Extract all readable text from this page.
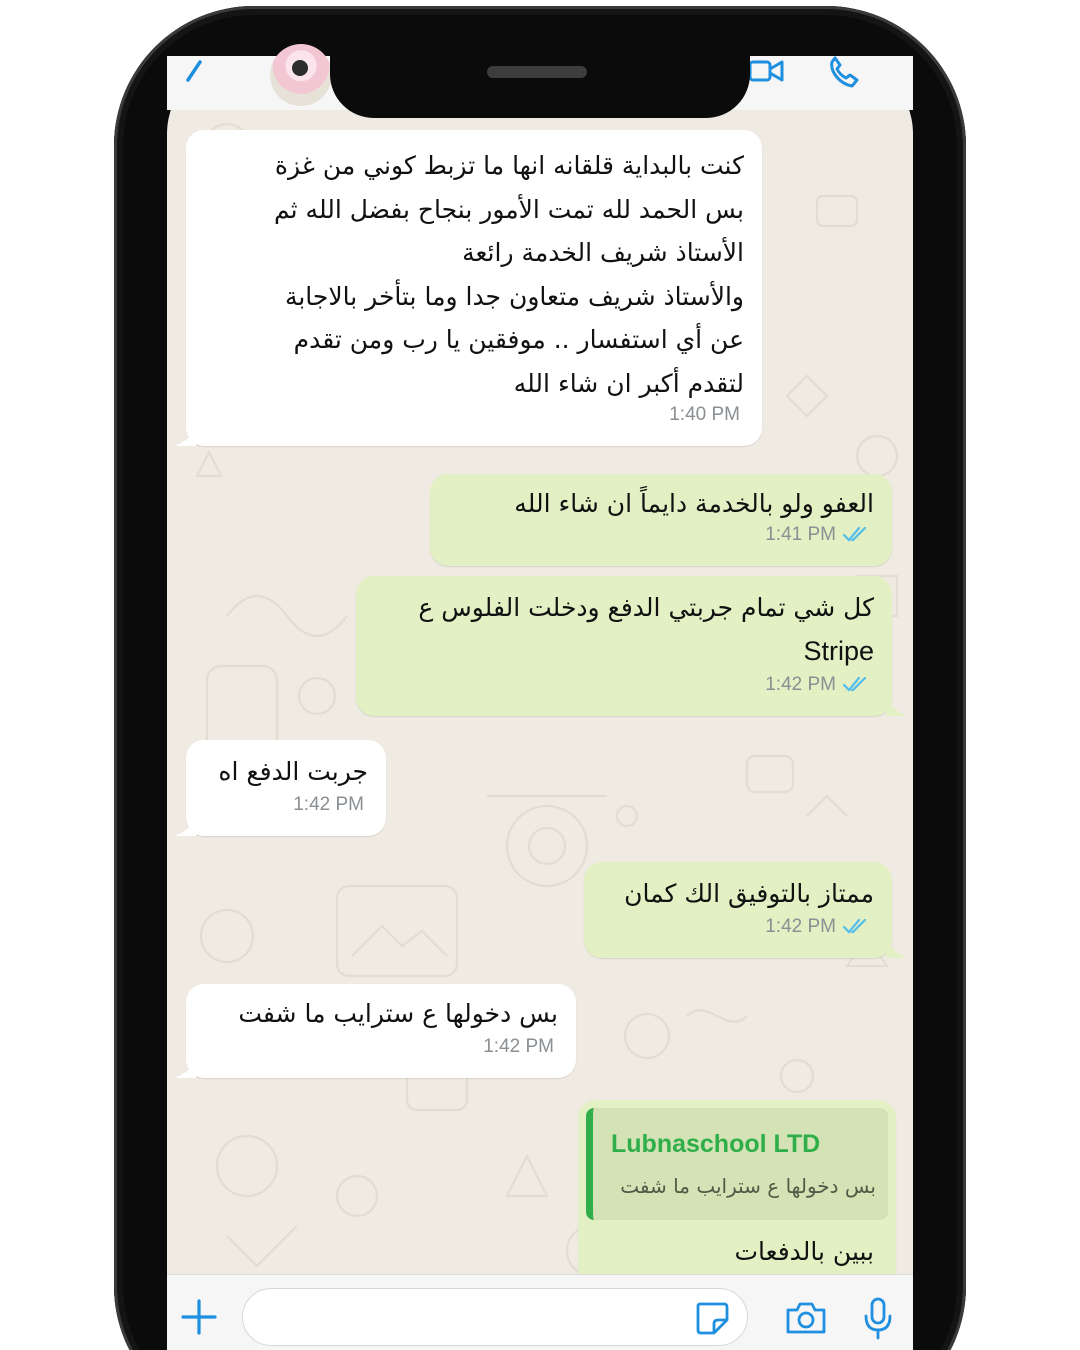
كنت بالبداية قلقانه انها ما تزبط كوني من غزة
بس الحمد لله تمت الأمور بنجاح بفضل الله ثم
الأستاذ شريف الخدمة رائعة
والأستاذ شريف متعاون جدا وما بتأخر بالاجابة
عن أي استفسار .. موفقين يا رب ومن تقدم
لتقدم أكبر ان شاء الله
1:40 PM
العفو ولو بالخدمة دايماً ان شاء الله
1:41 PM
كل شي تمام جربتي الدفع ودخلت الفلوس ع
Stripe
1:42 PM
جربت الدفع اه
1:42 PM
ممتاز بالتوفيق الك كمان
1:42 PM
بس دخولها ع سترايب ما شفت
1:42 PM
ببين بالدفعات
Lubnaschool LTD
بس دخولها ع سترايب ما شفت
